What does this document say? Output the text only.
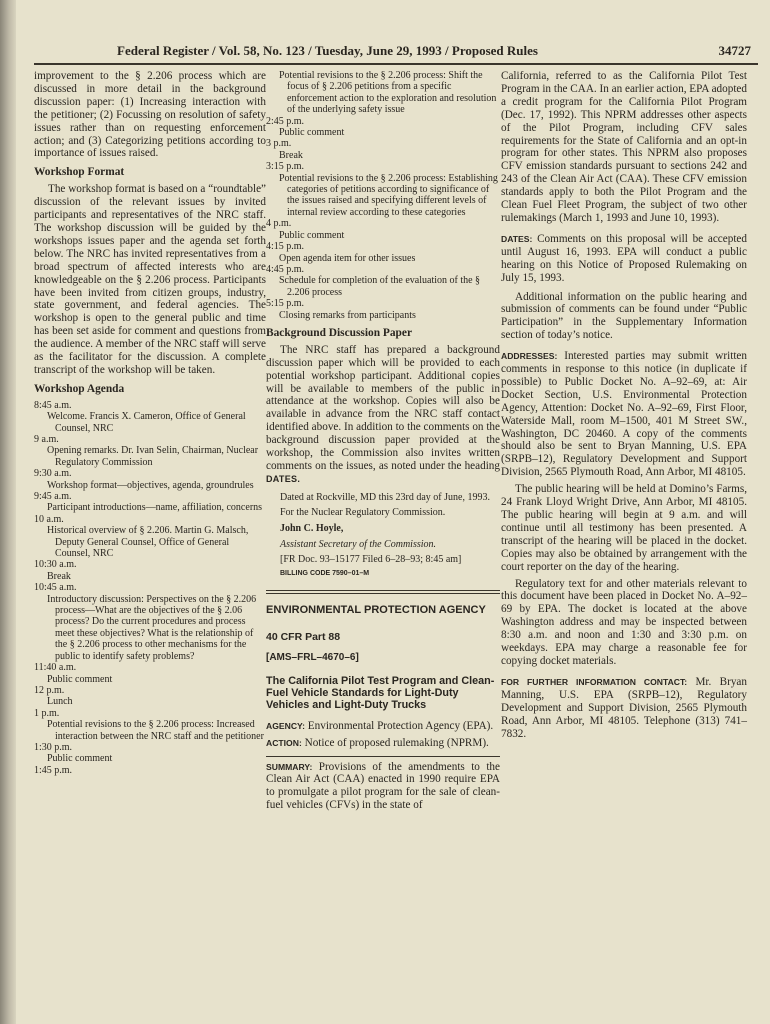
Federal Register / Vol. 58, No. 123 / Tuesday, June 29, 1993 / Proposed Rules	34727

improvement to the § 2.206 process which are discussed in more detail in the background discussion paper: (1) Increasing interaction with the petitioner; (2) Focussing on resolution of safety issues rather than on requesting enforcement action; and (3) Categorizing petitions according to importance of issues raised.

Workshop Format

The workshop format is based on a “roundtable” discussion of the relevant issues by invited participants and representatives of the NRC staff. The workshop discussion will be guided by the workshops issues paper and the agenda set forth below. The NRC has invited representatives from a broad spectrum of affected interests who are knowledgeable on the § 2.206 process. Participants have been invited from citizen groups, industry, state government, and federal agencies. The workshop is open to the general public and time has been set aside for comment and questions from the audience. A member of the NRC staff will serve as the facilitator for the discussion. A complete transcript of the workshop will be taken.

Workshop Agenda
8:45 a.m.
Welcome. Francis X. Cameron, Office of General Counsel, NRC
9 a.m.
Opening remarks. Dr. Ivan Selin, Chairman, Nuclear Regulatory Commission
9:30 a.m.
Workshop format—objectives, agenda, groundrules
9:45 a.m.
Participant introductions—name, affiliation, concerns
10 a.m.
Historical overview of § 2.206. Martin G. Malsch, Deputy General Counsel, Office of General Counsel, NRC
10:30 a.m.
Break
10:45 a.m.
Introductory discussion: Perspectives on the § 2.206 process—What are the objectives of the § 2.06 process? Do the current procedures and process meet these objectives? What is the relationship of the § 2.206 process to other mechanisms for the public to identify safety problems?
11:40 a.m.
Public comment
12 p.m.
Lunch
1 p.m.
Potential revisions to the § 2.206 process: Increased interaction between the NRC staff and the petitioner
1:30 p.m.
Public comment
1:45 p.m.
Potential revisions to the § 2.206 process: Shift the focus of § 2.206 petitions from a specific enforcement action to the exploration and resolution of the underlying safety issue
2:45 p.m.
Public comment
3 p.m.
Break
3:15 p.m.
Potential revisions to the § 2.206 process: Establishing categories of petitions according to significance of the issues raised and specifying different levels of internal review according to these categories
4 p.m.
Public comment
4:15 p.m.
Open agenda item for other issues
4:45 p.m.
Schedule for completion of the evaluation of the § 2.206 process
5:15 p.m.
Closing remarks from participants
Background Discussion Paper

The NRC staff has prepared a background discussion paper which will be provided to each potential workshop participant. Additional copies will be available to members of the public in attendance at the workshop. Copies will also be available in advance from the NRC staff contact identified above. In addition to the comments on the background discussion paper provided at the workshop, the Commission also invites written comments on the issues, as noted under the heading DATES.

Dated at Rockville, MD this 23rd day of June, 1993.

For the Nuclear Regulatory Commission.

John C. Hoyle,

Assistant Secretary of the Commission.

[FR Doc. 93–15177 Filed 6–28–93; 8:45 am]

BILLING CODE 7590–01–M

ENVIRONMENTAL PROTECTION AGENCY
40 CFR Part 88
[AMS–FRL–4670–6]
The California Pilot Test Program and Clean-Fuel Vehicle Standards for Light-Duty Vehicles and Light-Duty Trucks

AGENCY: Environmental Protection Agency (EPA).

ACTION: Notice of proposed rulemaking (NPRM).

SUMMARY: Provisions of the amendments to the Clean Air Act (CAA) enacted in 1990 require EPA to promulgate a pilot program for the sale of clean-fuel vehicles (CFVs) in the state of

California, referred to as the California Pilot Test Program in the CAA. In an earlier action, EPA adopted a credit program for the California Pilot Program (Dec. 17, 1992). This NPRM addresses other aspects of the Pilot Program, including CFV sales requirements for the State of California and an opt-in program for other states. This NPRM also proposes CFV emission standards pursuant to sections 242 and 243 of the Clean Air Act (CAA). These CFV emission standards apply to both the Pilot Program and the Clean Fuel Fleet Program, the subject of two other rulemakings (March 1, 1993 and June 10, 1993).

DATES: Comments on this proposal will be accepted until August 16, 1993. EPA will conduct a public hearing on this Notice of Proposed Rulemaking on July 15, 1993.

Additional information on the public hearing and submission of comments can be found under “Public Participation” in the Supplementary Information section of today’s notice.

ADDRESSES: Interested parties may submit written comments in response to this notice (in duplicate if possible) to Public Docket No. A–92–69, at: Air Docket Section, U.S. Environmental Protection Agency, Attention: Docket No. A–92–69, First Floor, Waterside Mall, room M–1500, 401 M Street SW., Washington, DC 20460. A copy of the comments should also be sent to Bryan Manning, U.S. EPA (SRPB–12), Regulatory Development and Support Division, 2565 Plymouth Road, Ann Arbor, MI 48105.

The public hearing will be held at Domino’s Farms, 24 Frank Lloyd Wright Drive, Ann Arbor, MI 48105. The public hearing will begin at 9 a.m. and will continue until all testimony has been presented. A transcript of the hearing will be placed in the docket. Copies may also be obtained by arrangement with the court reporter on the day of the hearing.

Regulatory text for and other materials relevant to this document have been placed in Docket No. A–92–69 by EPA. The docket is located at the above Washington address and may be inspected between 8:30 a.m. and noon and 1:30 and 3:30 p.m. on weekdays. EPA may charge a reasonable fee for copying docket materials.

FOR FURTHER INFORMATION CONTACT: Mr. Bryan Manning, U.S. EPA (SRPB–12), Regulatory Development and Support Division, 2565 Plymouth Road, Ann Arbor, MI 48105. Telephone (313) 741–7832.
